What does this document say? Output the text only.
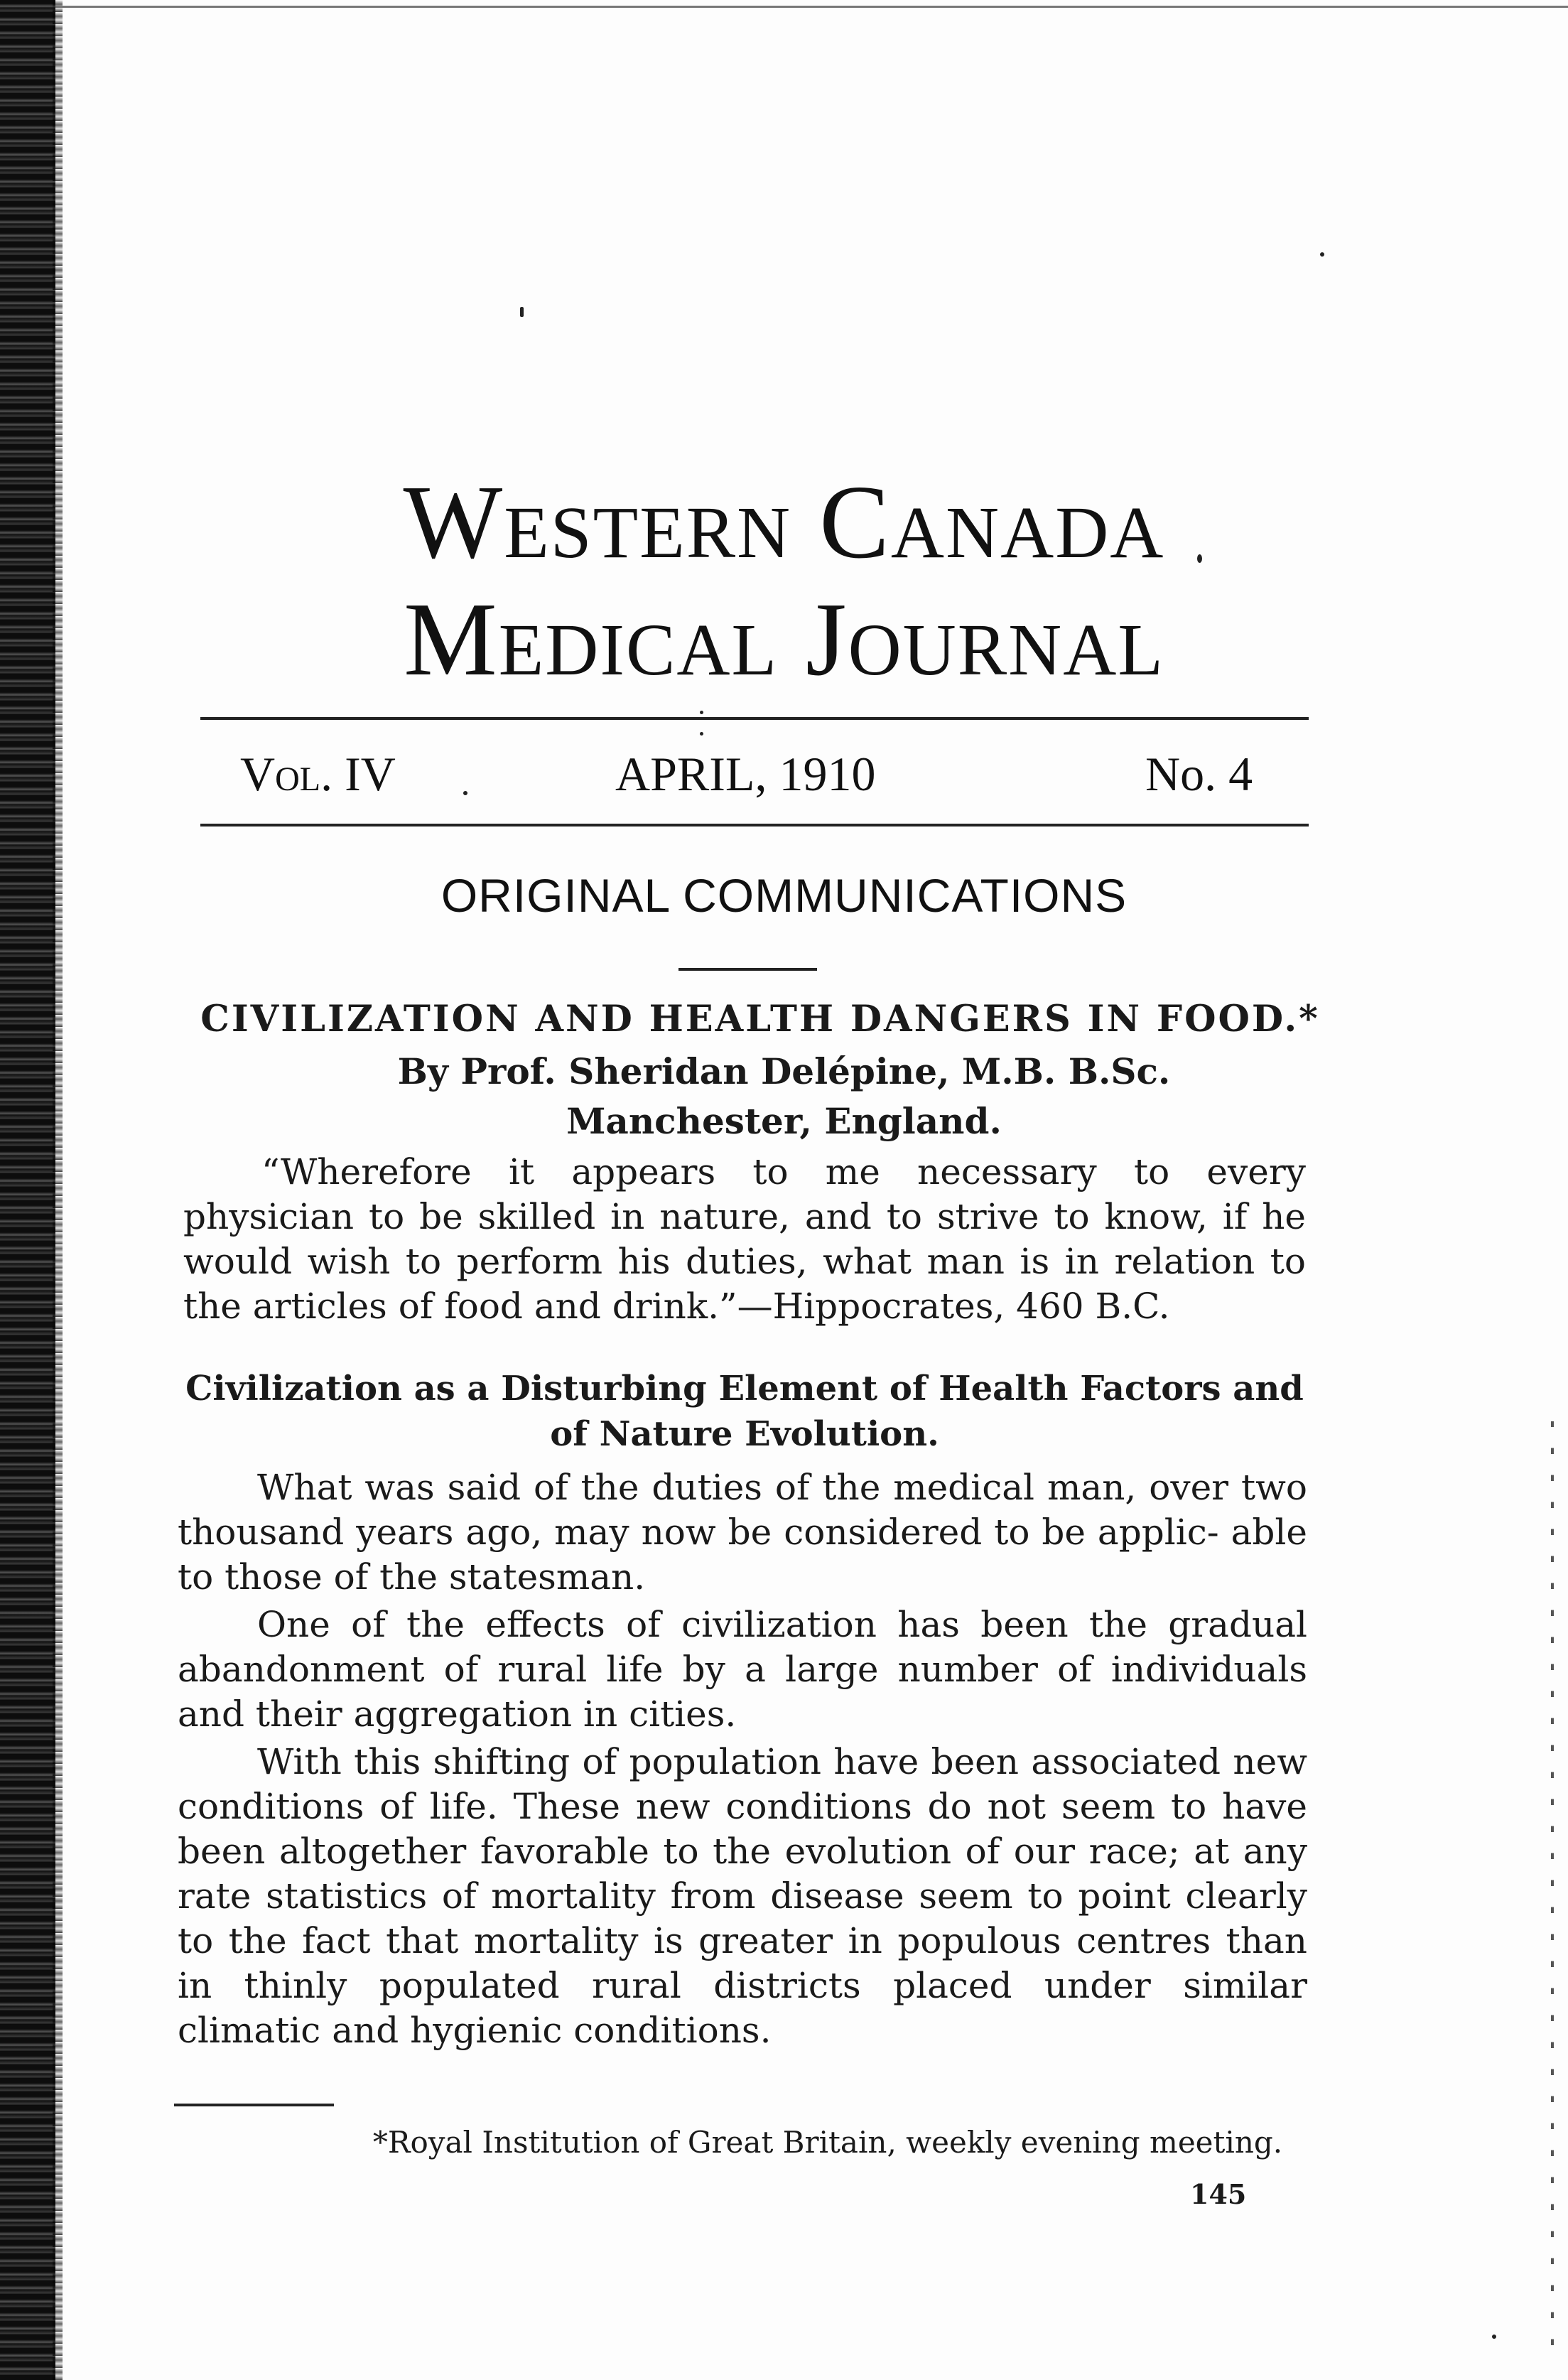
Western Canada
Medical Journal
Vol. IV	APRIL, 1910	No. 4
ORIGINAL COMMUNICATIONS
CIVILIZATION AND HEALTH DANGERS IN FOOD.*
By Prof. Sheridan Delépine, M.B. B.Sc.
Manchester, England.
“Wherefore it appears to me necessary to every physician to be skilled in nature, and to strive to know, if he would wish to perform his duties, what man is in relation to the articles of food and drink.”—Hippocrates, 460 B.C.
Civilization as a Disturbing Element of Health Factors and of Nature Evolution.

What was said of the duties of the medical man, over two thousand years ago, may now be considered to be applic- able to those of the statesman.

One of the effects of civilization has been the gradual abandonment of rural life by a large number of individuals and their aggregation in cities.

With this shifting of population have been associated new conditions of life. These new conditions do not seem to have been altogether favorable to the evolution of our race; at any rate statistics of mortality from disease seem to point clearly to the fact that mortality is greater in populous centres than in thinly populated rural districts placed under similar climatic and hygienic conditions.

*Royal Institution of Great Britain, weekly evening meeting.
145
